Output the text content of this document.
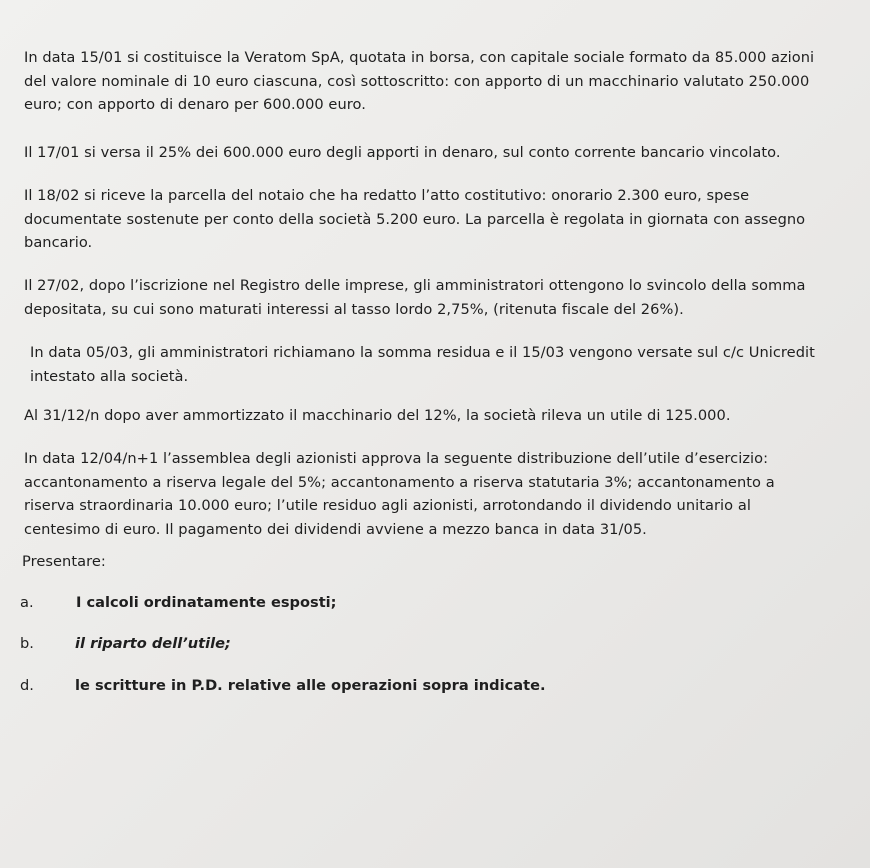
In data 15/01 si costituisce la Veratom SpA, quotata in borsa, con capitale sociale formato da 85.000 azioni
del valore nominale di 10 euro ciascuna, così sottoscritto: con apporto di un macchinario valutato 250.000
euro; con apporto di denaro per 600.000 euro.
Il 17/01 si versa il 25% dei 600.000 euro degli apporti in denaro, sul conto corrente bancario vincolato.
Il 18/02 si riceve la parcella del notaio che ha redatto l’atto costitutivo: onorario 2.300 euro, spese
documentate sostenute per conto della società 5.200 euro. La parcella è regolata in giornata con assegno
bancario.
Il 27/02, dopo l’iscrizione nel Registro delle imprese, gli amministratori ottengono lo svincolo della somma
depositata, su cui sono maturati interessi al tasso lordo 2,75%, (ritenuta fiscale del 26%).
In data 05/03, gli amministratori richiamano la somma residua e il 15/03 vengono versate sul c/c Unicredit
intestato alla società.
Al 31/12/n dopo aver ammortizzato il macchinario del 12%, la società rileva un utile di 125.000.
In data 12/04/n+1 l’assemblea degli azionisti approva la seguente distribuzione dell’utile d’esercizio:
accantonamento a riserva legale del 5%; accantonamento a riserva statutaria 3%; accantonamento a
riserva straordinaria 10.000 euro; l’utile residuo agli azionisti, arrotondando il dividendo unitario al
centesimo di euro. Il pagamento dei dividendi avviene a mezzo banca in data 31/05.
Presentare:
a.	I calcoli ordinatamente esposti;
b.	il riparto dell’utile;
d.	le scritture in P.D. relative alle operazioni sopra indicate.
